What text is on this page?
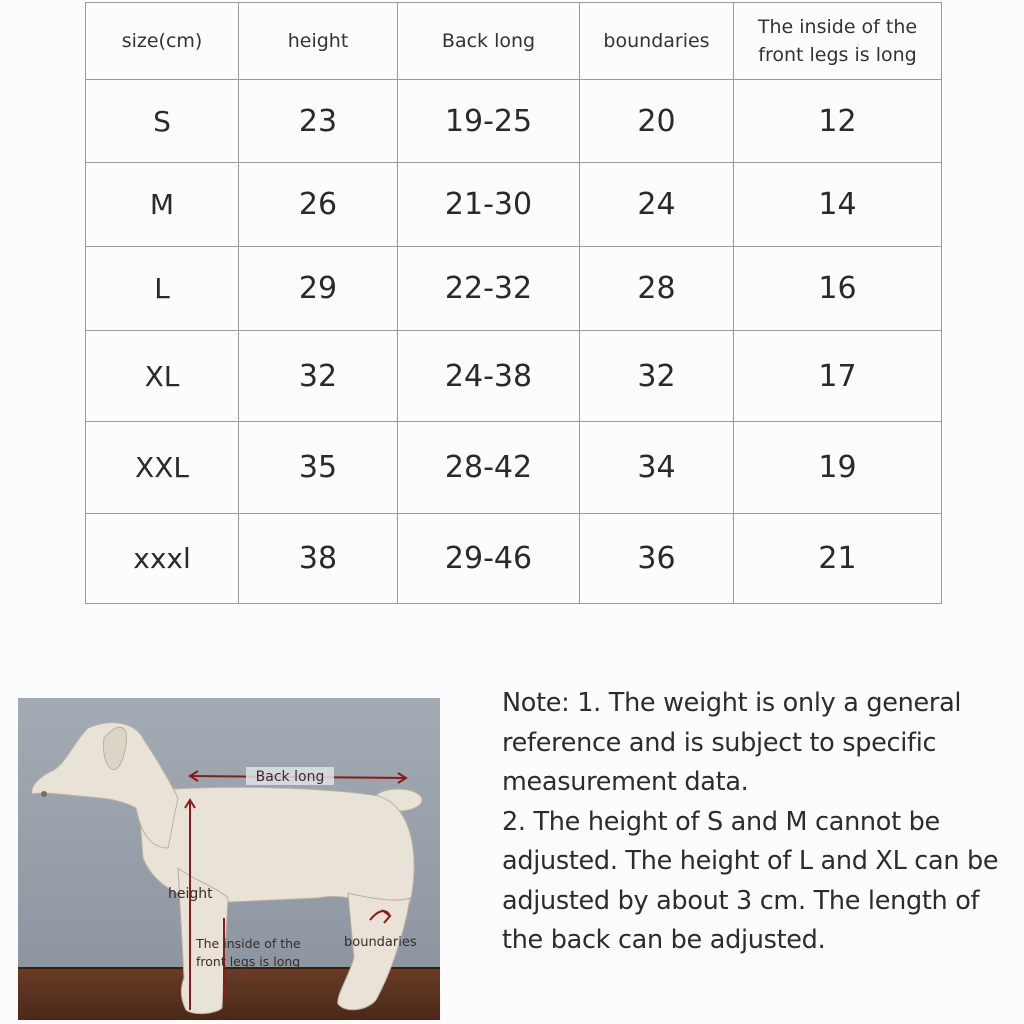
size(cm)	height	Back long	boundaries	The inside of the front legs is long
S	23	19-25	20	12
M	26	21-30	24	14
L	29	22-32	28	16
XL	32	24-38	32	17
XXL	35	28-42	34	19
xxxl	38	29-46	36	21
Back long
height
The inside of the
front legs is long
boundaries

Note: 1. The weight is only a general reference and is subject to specific measurement data.

2. The height of S and M cannot be adjusted. The height of L and XL can be adjusted by about 3 cm. The length of the back can be adjusted.
